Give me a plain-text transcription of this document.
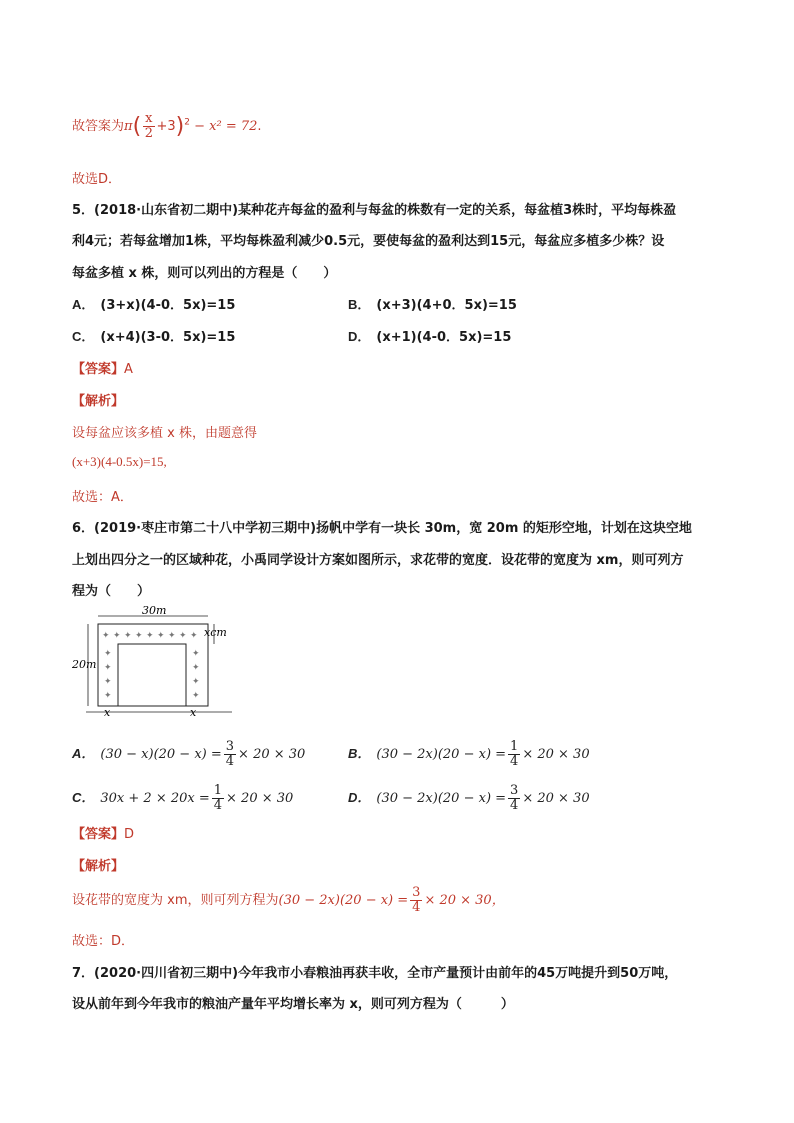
故答案为$\pi( \frac{x}{2} +3)^2 - x^2 = 72$.
故选D．
5．(2018·山东省初二期中)某种花卉每盆的盈利与每盆的株数有一定的关系，每盆植3株时，平均每株盈
利4元；若每盆增加1株，平均每株盈利减少0.5元，要使每盆的盈利达到15元，每盆应多植多少株？设
每盆多植 x 株，则可以列出的方程是（　　）
A． (3+x)(4-0．5x)=15	B． (x+3)(4+0．5x)=15
C． (x+4)(3-0．5x)=15	D． (x+1)(4-0．5x)=15
【答案】A
【解析】
设每盆应该多植 x 株，由题意得
(x+3)(4-0.5x)=15,
故选：A．
6．(2019·枣庄市第二十八中学初三期中)扬帆中学有一块长 30m，宽 20m 的矩形空地，计划在这块空地
上划出四分之一的区域种花，小禹同学设计方案如图所示，求花带的宽度．设花带的宽度为 xm，则可列方
程为（　　）
30m
20m
xcm
x	x
✦ ✦ ✦ ✦ ✦ ✦ ✦ ✦ ✦
✦
✦
✦
✦
✦
✦
✦
✦
A． $(30 - x)(20 - x) = \frac{3}{4} \times 20 \times 30$	B． $(30 - 2x)(20 - x) = \frac{1}{4} \times 20 \times 30$
C． $30x + 2 \times 20x = \frac{1}{4} \times 20 \times 30$	D． $(30 - 2x)(20 - x) = \frac{3}{4} \times 20 \times 30$
【答案】D
【解析】
设花带的宽度为 xm，则可列方程为$(30 - 2x)(20 - x) = \frac{3}{4} \times 20 \times 30$，
故选：D．
7．(2020·四川省初三期中)今年我市小春粮油再获丰收，全市产量预计由前年的45万吨提升到50万吨，
设从前年到今年我市的粮油产量年平均增长率为 x，则可列方程为（　　　）
